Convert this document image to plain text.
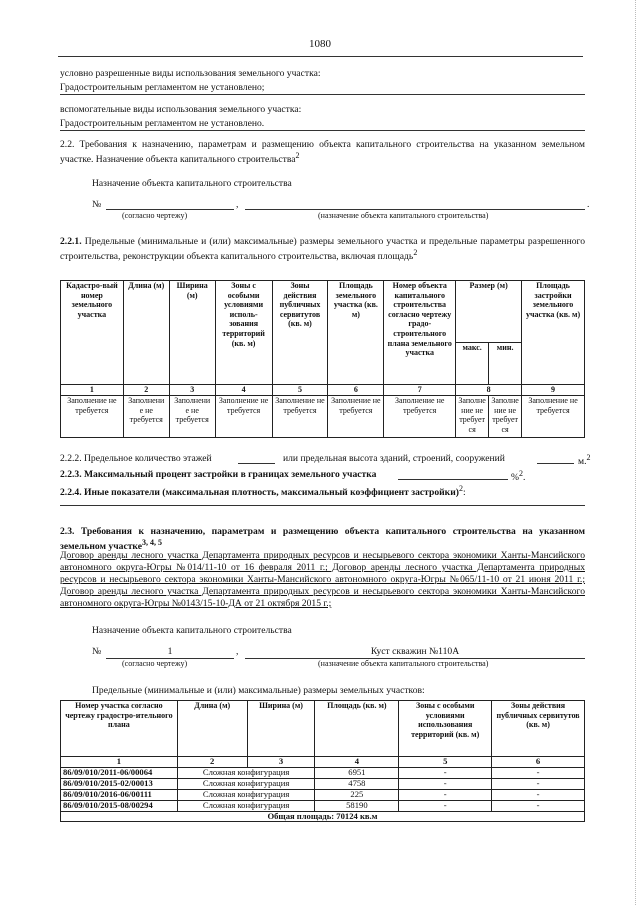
1080
условно разрешенные виды использования земельного участка:
Градостроительным регламентом не установлено;
вспомогательные виды использования земельного участка:
Градостроительным регламентом не установлено.
2.2. Требования к назначению, параметрам и размещению объекта капитального строительства на указанном земельном участке. Назначение объекта капитального строительства$^2$
Назначение объекта капитального строительства
№	,	.
(согласно чертежу)	(назначение объекта капитального строительства)
2.2.1. Предельные (минимальные и (или) максимальные) размеры земельного участка и предельные параметры разрешенного строительства, реконструкции объекта капитального строительства, включая площадь$^2$
Кадастро-вый номер земельного участка	Длина (м)	Ширина (м)	Зоны с особыми условиями исполь-зования территорий (кв. м)	Зоны действия публичных сервитутов (кв. м)	Площадь земельного участка (кв. м)	Номер объекта капитального строительства согласно чертежу градо-строительного плана земельного участка	Размер (м)		Площадь застройки земельного участка (кв. м)
							макс.	мин.	
1	2	3	4	5	6	7	8		9
Заполнение не требуется	Заполнени е не требуется	Заполнени е не требуется	Заполнение не требуется	Заполнение не требуется	Заполнение не требуется	Заполнение не требуется	Заполне ние не требует ся	Заполне ние не требует ся	Заполнение не требуется
2.2.2. Предельное количество этажей	или предельная высота зданий, строений, сооружений	м.$^2$
2.2.3. Максимальный процент застройки в границах земельного участка	%$^2$.
2.2.4. Иные показатели (максимальная плотность, максимальный коэффициент застройки)$^2$:
2.3. Требования к назначению, параметрам и размещению объекта капитального строительства на указанном земельном участке$^{3, 4, 5}$
Договор аренды лесного участка Департамента природных ресурсов и несырьевого сектора экономики Ханты-Мансийского автономного округа-Югры №014/11-10 от 16 февраля 2011 г.; Договор аренды лесного участка Департамента природных ресурсов и несырьевого сектора экономики Ханты-Мансийского автономного округа-Югры №065/11-10 от 21 июня 2011 г.; Договор аренды лесного участка Департамента природных ресурсов и несырьевого сектора экономики Ханты-Мансийского автономного округа-Югры №0143/15-10-ДА от 21 октября 2015 г.;
Назначение объекта капитального строительства
№	1	,	Куст скважин №110А
(согласно чертежу)	(назначение объекта капитального строительства)
Предельные (минимальные и (или) максимальные) размеры земельных участков:
Номер участка согласно чертежу градостро-ительного плана	Длина (м)	Ширина (м)	Площадь (кв. м)	Зоны с особыми условиями использования территорий (кв. м)	Зоны действия публичных сервитутов (кв. м)
1	2	3	4	5	6
86/09/010/2011-06/00064	Сложная конфигурация		6951	-	-
86/09/010/2015-02/00013	Сложная конфигурация		4758	-	-
86/09/010/2016-06/00111	Сложная конфигурация		225	-	-
86/09/010/2015-08/00294	Сложная конфигурация		58190	-	-
Общая площадь: 70124 кв.м					
